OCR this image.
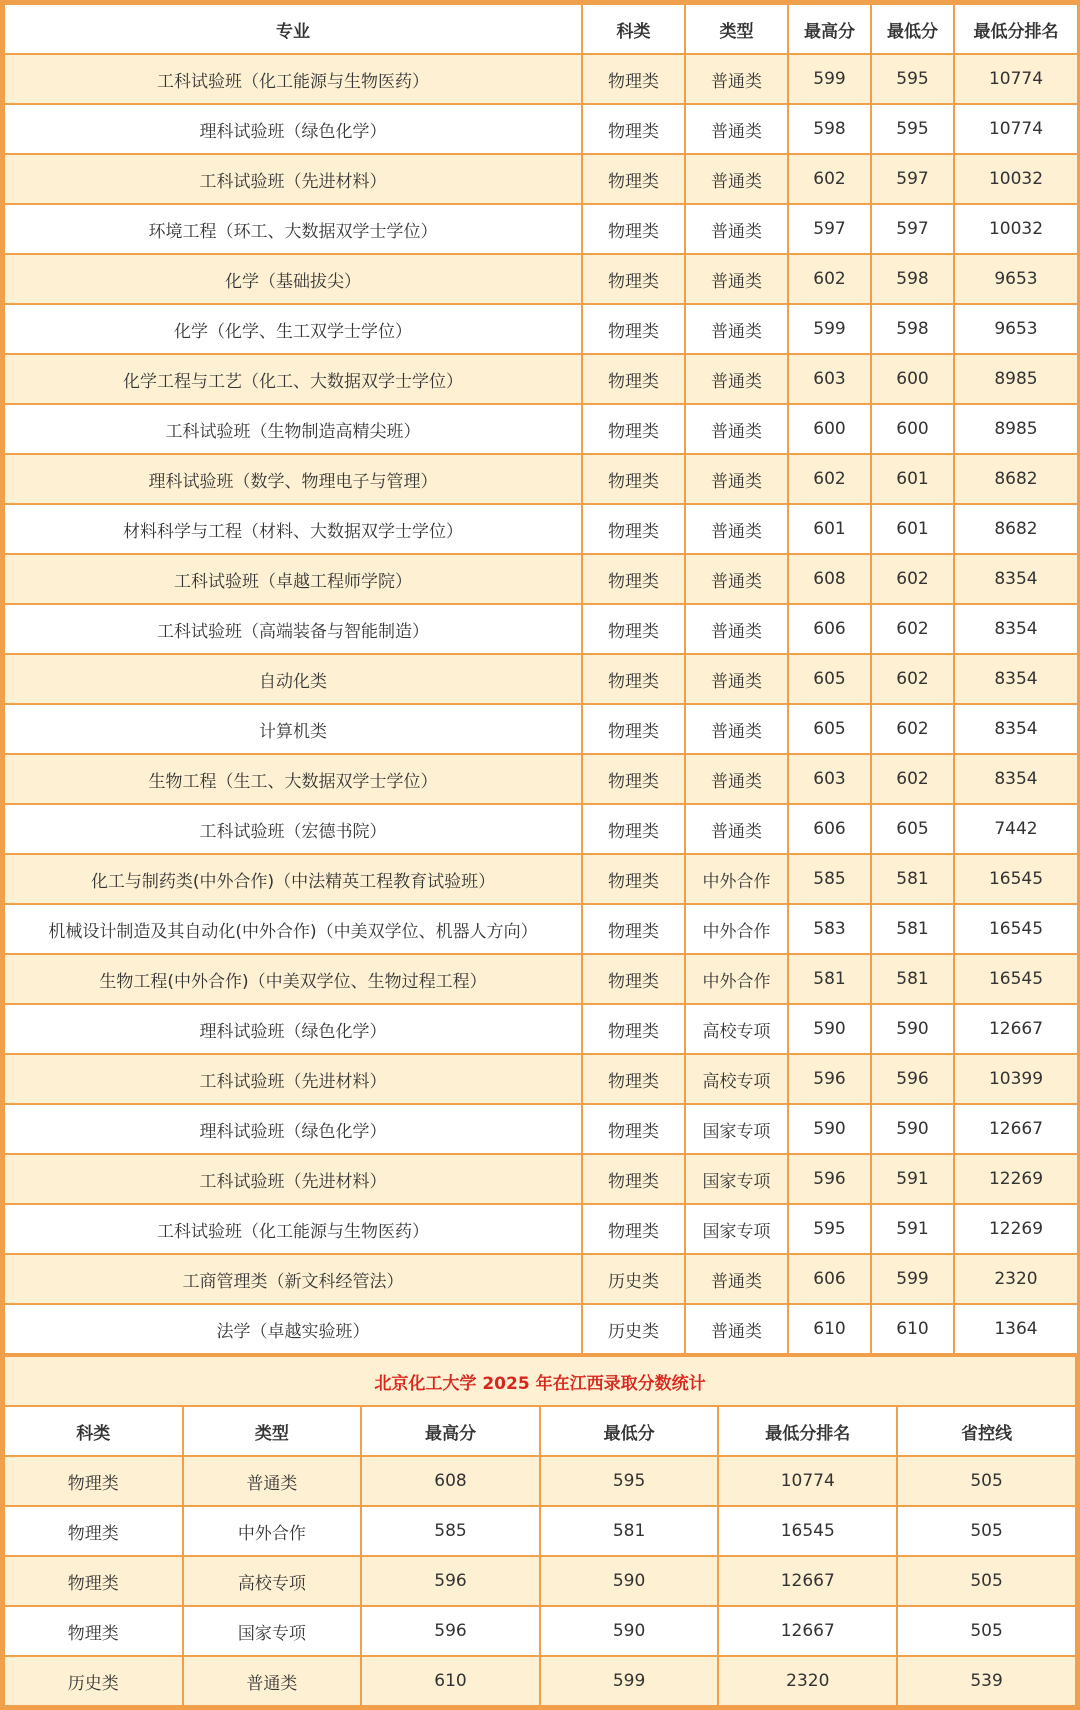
专业	科类	类型	最高分	最低分	最低分排名
工科试验班（化工能源与生物医药）	物理类	普通类	599	595	10774
理科试验班（绿色化学）	物理类	普通类	598	595	10774
工科试验班（先进材料）	物理类	普通类	602	597	10032
环境工程（环工、大数据双学士学位）	物理类	普通类	597	597	10032
化学（基础拔尖）	物理类	普通类	602	598	9653
化学（化学、生工双学士学位）	物理类	普通类	599	598	9653
化学工程与工艺（化工、大数据双学士学位）	物理类	普通类	603	600	8985
工科试验班（生物制造高精尖班）	物理类	普通类	600	600	8985
理科试验班（数学、物理电子与管理）	物理类	普通类	602	601	8682
材料科学与工程（材料、大数据双学士学位）	物理类	普通类	601	601	8682
工科试验班（卓越工程师学院）	物理类	普通类	608	602	8354
工科试验班（高端装备与智能制造）	物理类	普通类	606	602	8354
自动化类	物理类	普通类	605	602	8354
计算机类	物理类	普通类	605	602	8354
生物工程（生工、大数据双学士学位）	物理类	普通类	603	602	8354
工科试验班（宏德书院）	物理类	普通类	606	605	7442
化工与制药类(中外合作)（中法精英工程教育试验班）	物理类	中外合作	585	581	16545
机械设计制造及其自动化(中外合作)（中美双学位、机器人方向）	物理类	中外合作	583	581	16545
生物工程(中外合作)（中美双学位、生物过程工程）	物理类	中外合作	581	581	16545
理科试验班（绿色化学）	物理类	高校专项	590	590	12667
工科试验班（先进材料）	物理类	高校专项	596	596	10399
理科试验班（绿色化学）	物理类	国家专项	590	590	12667
工科试验班（先进材料）	物理类	国家专项	596	591	12269
工科试验班（化工能源与生物医药）	物理类	国家专项	595	591	12269
工商管理类（新文科经管法）	历史类	普通类	606	599	2320
法学（卓越实验班）	历史类	普通类	610	610	1364
北京化工大学 2025 年在江西录取分数统计					
科类	类型	最高分	最低分	最低分排名	省控线
物理类	普通类	608	595	10774	505
物理类	中外合作	585	581	16545	505
物理类	高校专项	596	590	12667	505
物理类	国家专项	596	590	12667	505
历史类	普通类	610	599	2320	539
